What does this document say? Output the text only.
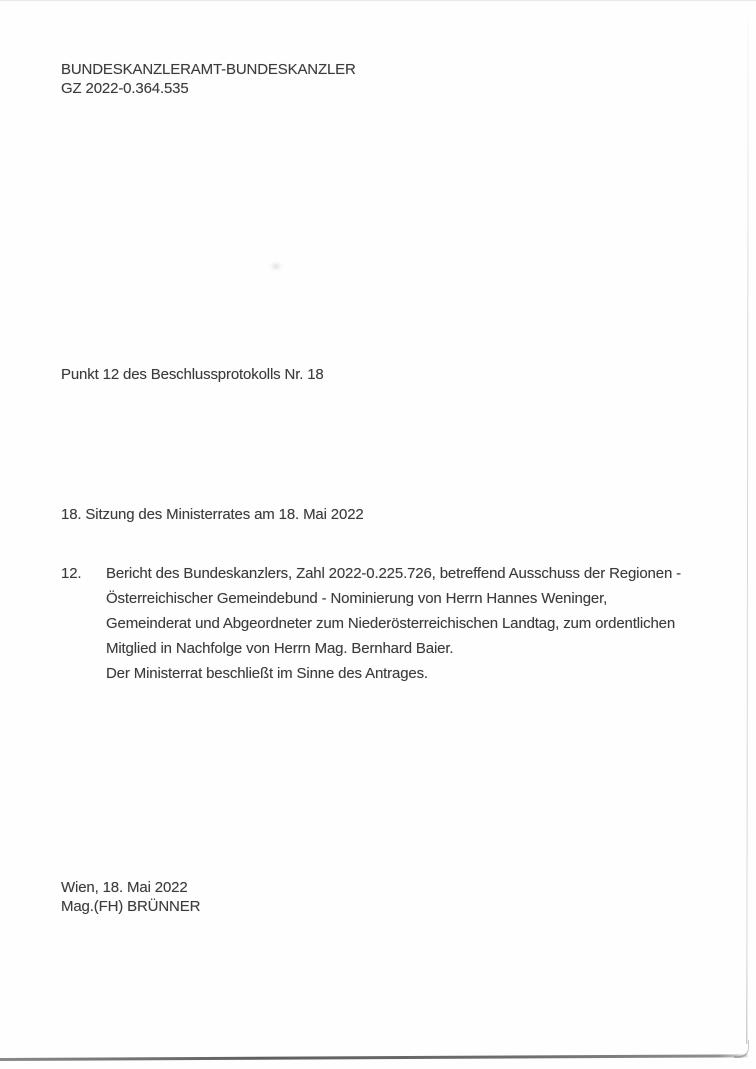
BUNDESKANZLERAMT-BUNDESKANZLER
GZ 2022-0.364.535
Punkt 12 des Beschlussprotokolls Nr. 18
18. Sitzung des Ministerrates am 18. Mai 2022
12. Bericht des Bundeskanzlers, Zahl 2022-0.225.726, betreffend Ausschuss der Regionen -
Österreichischer Gemeindebund - Nominierung von Herrn Hannes Weninger,
Gemeinderat und Abgeordneter zum Niederösterreichischen Landtag, zum ordentlichen
Mitglied in Nachfolge von Herrn Mag. Bernhard Baier.
Der Ministerrat beschließt im Sinne des Antrages.
Wien, 18. Mai 2022
Mag.(FH) BRÜNNER
